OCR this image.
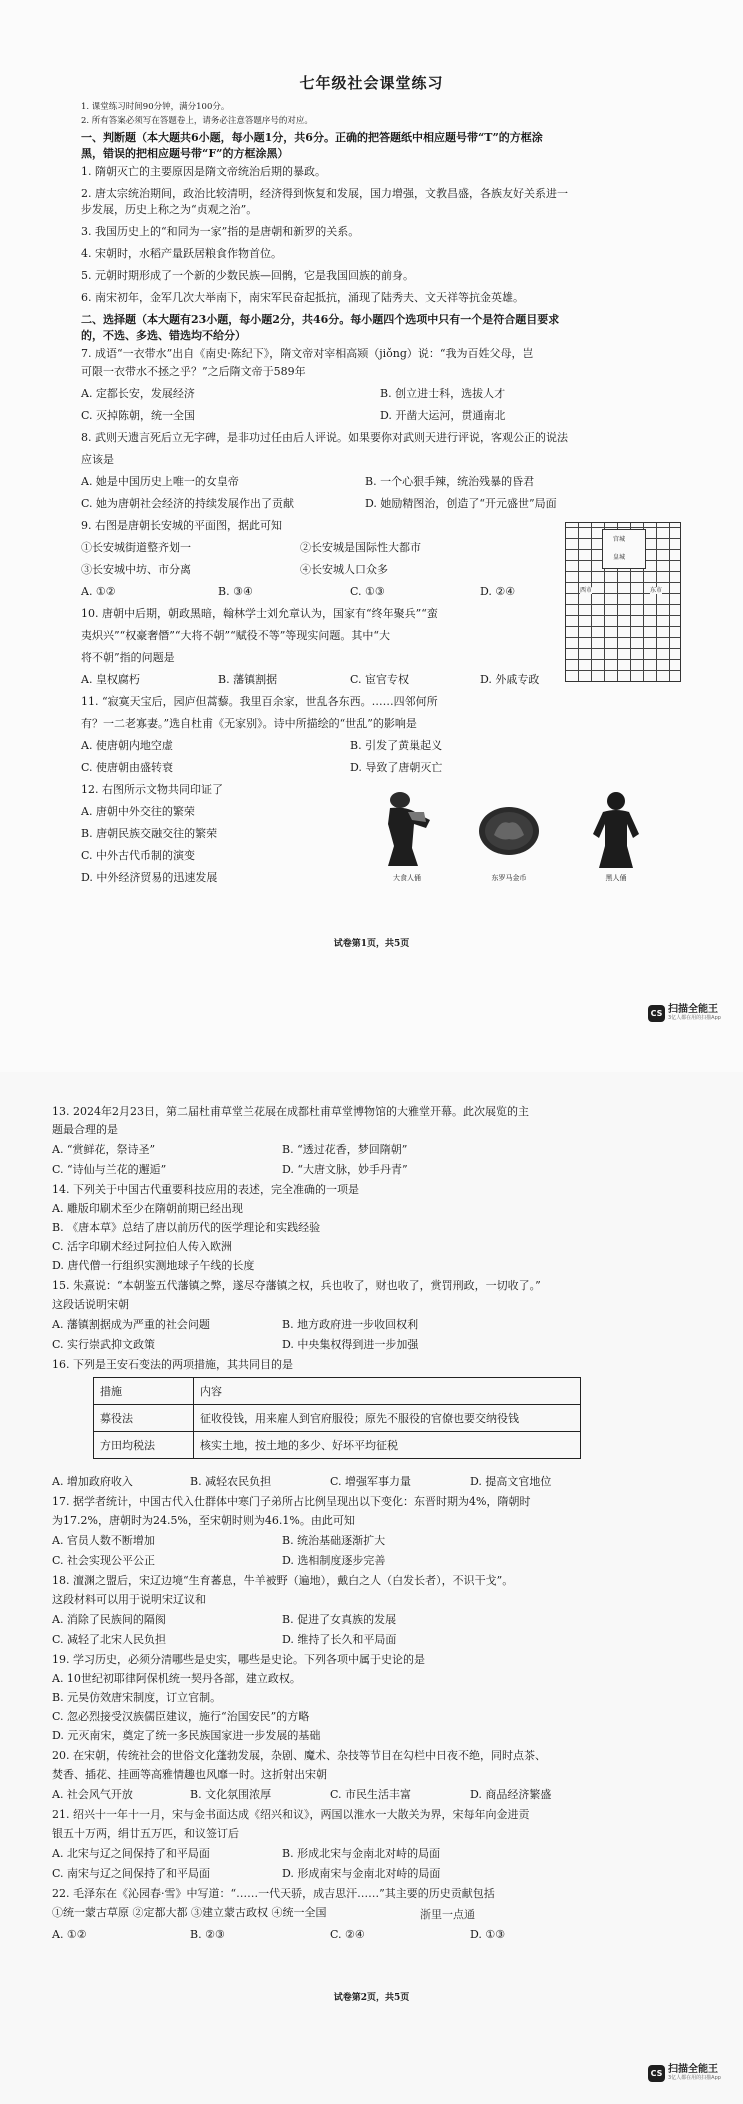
七年级社会课堂练习
1. 课堂练习时间90分钟，满分100分。
2. 所有答案必须写在答题卷上，请务必注意答题序号的对应。
一、判断题（本大题共6小题，每小题1分，共6分。正确的把答题纸中相应题号带“T”的方框涂
黑，错误的把相应题号带“F”的方框涂黑）
1. 隋朝灭亡的主要原因是隋文帝统治后期的暴政。
2. 唐太宗统治期间，政治比较清明，经济得到恢复和发展，国力增强，文教昌盛，各族友好关系进一
步发展，历史上称之为“贞观之治”。
3. 我国历史上的“和同为一家”指的是唐朝和新罗的关系。
4. 宋朝时，水稻产量跃居粮食作物首位。
5. 元朝时期形成了一个新的少数民族—回鹘，它是我国回族的前身。
6. 南宋初年，金军几次大举南下，南宋军民奋起抵抗，涌现了陆秀夫、文天祥等抗金英雄。
二、选择题（本大题有23小题，每小题2分，共46分。每小题四个选项中只有一个是符合题目要求
的，不选、多选、错选均不给分）
7. 成语“一衣带水”出自《南史·陈纪下》，隋文帝对宰相高颎（jiǒng）说：“我为百姓父母，岂
可限一衣带水不拯之乎？”之后隋文帝于589年
A. 定都长安，发展经济	B. 创立进士科，选拔人才
C. 灭掉陈朝，统一全国	D. 开凿大运河，贯通南北
8. 武则天遗言死后立无字碑，是非功过任由后人评说。如果要你对武则天进行评说，客观公正的说法
应该是
A. 她是中国历史上唯一的女皇帝	B. 一个心狠手辣，统治残暴的昏君
C. 她为唐朝社会经济的持续发展作出了贡献	D. 她励精图治，创造了“开元盛世”局面
9. 右图是唐朝长安城的平面图，据此可知
①长安城街道整齐划一	②长安城是国际性大都市
③长安城中坊、市分离	④长安城人口众多
A. ①②	B. ③④	C. ①③	D. ②④
宫城
皇城
西市	东市
10. 唐朝中后期，朝政黑暗，翰林学士刘允章认为，国家有“终年聚兵”“蛮
夷炽兴”“权豪奢僭”“大将不朝”“赋役不等”等现实问题。其中“大
将不朝”指的问题是
A. 皇权腐朽	B. 藩镇割据	C. 宦官专权	D. 外戚专政
11. “寂寞天宝后，园庐但蒿藜。我里百余家，世乱各东西。……四邻何所
有？一二老寡妻。”选自杜甫《无家别》。诗中所描绘的“世乱”的影响是
A. 使唐朝内地空虚	B. 引发了黄巢起义
C. 使唐朝由盛转衰	D. 导致了唐朝灭亡
12. 右图所示文物共同印证了
A. 唐朝中外交往的繁荣
B. 唐朝民族交融交往的繁荣
C. 中外古代币制的演变
D. 中外经济贸易的迅速发展	大食人俑	东罗马金币	黑人俑
试卷第1页，共5页
CS 扫描全能王
3亿人都在用的扫描App
13. 2024年2月23日，第二届杜甫草堂兰花展在成都杜甫草堂博物馆的大雅堂开幕。此次展览的主
题最合理的是
A. “赏鲜花，祭诗圣”	B. “透过花香，梦回隋朝”
C. “诗仙与兰花的邂逅”	D. “大唐文脉，妙手丹青”
14. 下列关于中国古代重要科技应用的表述，完全准确的一项是
A. 雕版印刷术至少在隋朝前期已经出现
B. 《唐本草》总结了唐以前历代的医学理论和实践经验
C. 活字印刷术经过阿拉伯人传入欧洲
D. 唐代僧一行组织实测地球子午线的长度
15. 朱熹说：“本朝鉴五代藩镇之弊，遂尽夺藩镇之权，兵也收了，财也收了，赏罚刑政，一切收了。”
这段话说明宋朝
A. 藩镇割据成为严重的社会问题	B. 地方政府进一步收回权利
C. 实行崇武抑文政策	D. 中央集权得到进一步加强
16. 下列是王安石变法的两项措施，其共同目的是
措施	内容
募役法	征收役钱，用来雇人到官府服役；原先不服役的官僚也要交纳役钱
方田均税法	核实土地，按土地的多少、好坏平均征税
A. 增加政府收入	B. 减轻农民负担	C. 增强军事力量	D. 提高文官地位
17. 据学者统计，中国古代入仕群体中寒门子弟所占比例呈现出以下变化：东晋时期为4%，隋朝时
为17.2%，唐朝时为24.5%，至宋朝时则为46.1%。由此可知
A. 官员人数不断增加	B. 统治基础逐渐扩大
C. 社会实现公平公正	D. 选相制度逐步完善
18. 澶渊之盟后，宋辽边境“生育蕃息，牛羊被野（遍地），戴白之人（白发长者），不识干戈”。
这段材料可以用于说明宋辽议和
A. 消除了民族间的隔阂	B. 促进了女真族的发展
C. 减轻了北宋人民负担	D. 维持了长久和平局面
19. 学习历史，必须分清哪些是史实，哪些是史论。下列各项中属于史论的是
A. 10世纪初耶律阿保机统一契丹各部，建立政权。
B. 元昊仿效唐宋制度，订立官制。
C. 忽必烈接受汉族儒臣建议，施行“治国安民”的方略
D. 元灭南宋，奠定了统一多民族国家进一步发展的基础
20. 在宋朝，传统社会的世俗文化蓬勃发展，杂剧、魔术、杂技等节目在勾栏中日夜不绝，同时点茶、
焚香、插花、挂画等高雅情趣也风靡一时。这折射出宋朝
A. 社会风气开放	B. 文化氛围浓厚	C. 市民生活丰富	D. 商品经济繁盛
21. 绍兴十一年十一月，宋与金书面达成《绍兴和议》，两国以淮水一大散关为界，宋每年向金进贡
银五十万两，绢廿五万匹，和议签订后
A. 北宋与辽之间保持了和平局面	B. 形成北宋与金南北对峙的局面
C. 南宋与辽之间保持了和平局面	D. 形成南宋与金南北对峙的局面
22. 毛泽东在《沁园春·雪》中写道：“……一代天骄，成吉思汗……”其主要的历史贡献包括
①统一蒙古草原 ②定都大都 ③建立蒙古政权 ④统一全国	浙里一点通
A. ①②	B. ②③	C. ②④	D. ①③
试卷第2页，共5页
CS 扫描全能王
3亿人都在用的扫描App
